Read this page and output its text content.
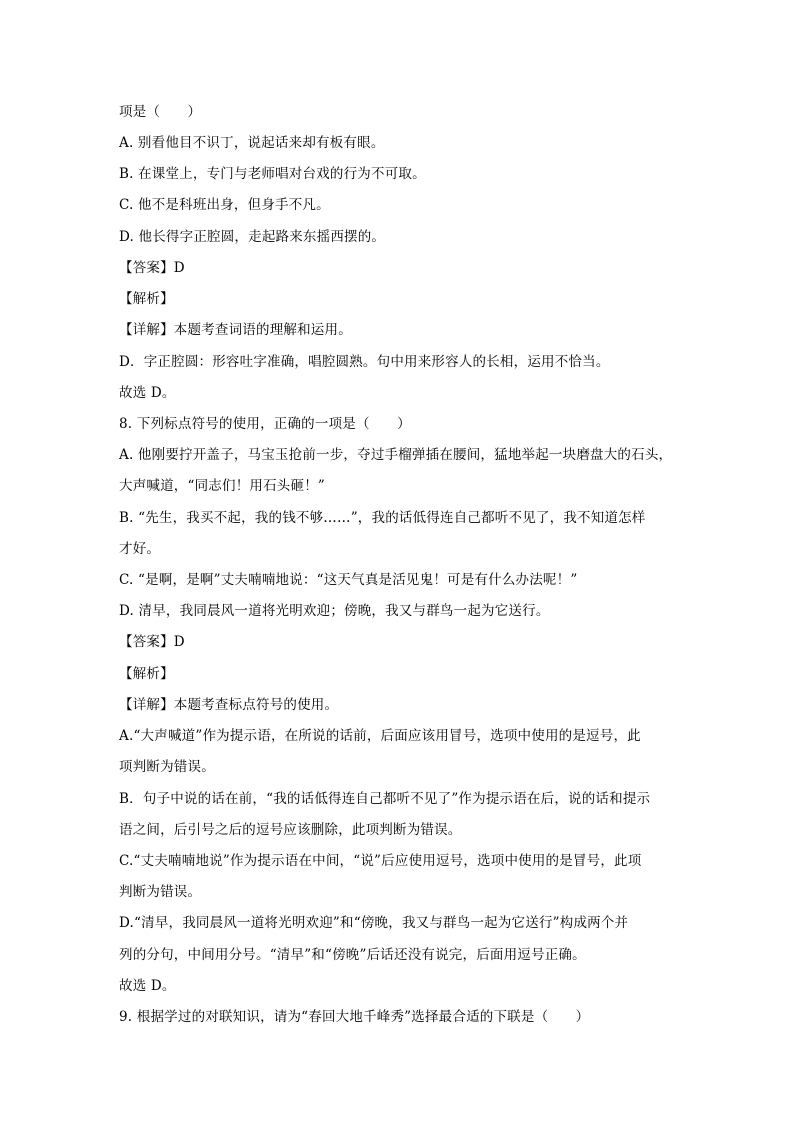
项是（　　）
A. 别看他目不识丁，说起话来却有板有眼。
B. 在课堂上，专门与老师唱对台戏的行为不可取。
C. 他不是科班出身，但身手不凡。
D. 他长得字正腔圆，走起路来东摇西摆的。
【答案】D
【解析】
【详解】本题考查词语的理解和运用。
D．字正腔圆：形容吐字准确，唱腔圆熟。句中用来形容人的长相，运用不恰当。
故选 D。
8. 下列标点符号的使用，正确的一项是（　　）
A. 他刚要拧开盖子，马宝玉抢前一步，夺过手榴弹插在腰间，猛地举起一块磨盘大的石头，
大声喊道，“同志们！用石头砸！”
B. “先生，我买不起，我的钱不够……”，我的话低得连自己都听不见了，我不知道怎样
才好。
C. “是啊，是啊”丈夫喃喃地说：“这天气真是活见鬼！可是有什么办法呢！”
D. 清早，我同晨风一道将光明欢迎；傍晚，我又与群鸟一起为它送行。
【答案】D
【解析】
【详解】本题考查标点符号的使用。
A.“大声喊道”作为提示语，在所说的话前，后面应该用冒号，选项中使用的是逗号，此
项判断为错误。
B．句子中说的话在前，“我的话低得连自己都听不见了”作为提示语在后，说的话和提示
语之间，后引号之后的逗号应该删除，此项判断为错误。
C.“丈夫喃喃地说”作为提示语在中间，“说”后应使用逗号，选项中使用的是冒号，此项
判断为错误。
D.“清早，我同晨风一道将光明欢迎”和“傍晚，我又与群鸟一起为它送行”构成两个并
列的分句，中间用分号。“清早”和“傍晚”后话还没有说完，后面用逗号正确。
故选 D。
9. 根据学过的对联知识，请为“春回大地千峰秀”选择最合适的下联是（　　）
